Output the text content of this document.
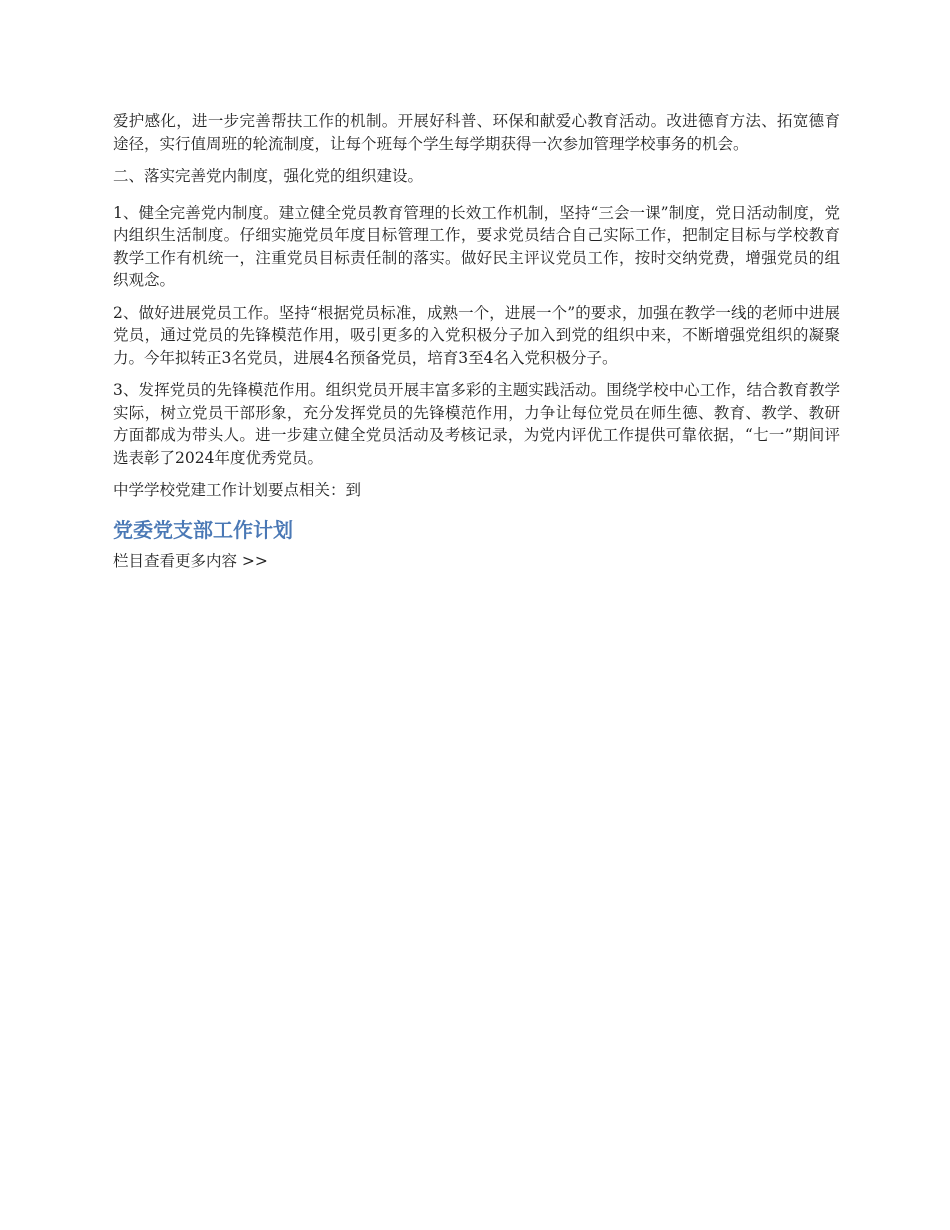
爱护感化，进一步完善帮扶工作的机制。开展好科普、环保和献爱心教育活动。改进德育方法、拓宽德育途径，实行值周班的轮流制度，让每个班每个学生每学期获得一次参加管理学校事务的机会。

二、落实完善党内制度，强化党的组织建设。

1、健全完善党内制度。建立健全党员教育管理的长效工作机制，坚持“三会一课”制度，党日活动制度，党内组织生活制度。仔细实施党员年度目标管理工作，要求党员结合自己实际工作，把制定目标与学校教育教学工作有机统一，注重党员目标责任制的落实。做好民主评议党员工作，按时交纳党费，增强党员的组织观念。

2、做好进展党员工作。坚持“根据党员标准，成熟一个，进展一个”的要求，加强在教学一线的老师中进展党员，通过党员的先锋模范作用，吸引更多的入党积极分子加入到党的组织中来，不断增强党组织的凝聚力。今年拟转正3名党员，进展4名预备党员，培育3至4名入党积极分子。

3、发挥党员的先锋模范作用。组织党员开展丰富多彩的主题实践活动。围绕学校中心工作，结合教育教学实际，树立党员干部形象，充分发挥党员的先锋模范作用，力争让每位党员在师生德、教育、教学、教研方面都成为带头人。进一步建立健全党员活动及考核记录，为党内评优工作提供可靠依据，“七一”期间评选表彰了2024年度优秀党员。

中学学校党建工作计划要点相关：到

党委党支部工作计划

栏目查看更多内容 >>
